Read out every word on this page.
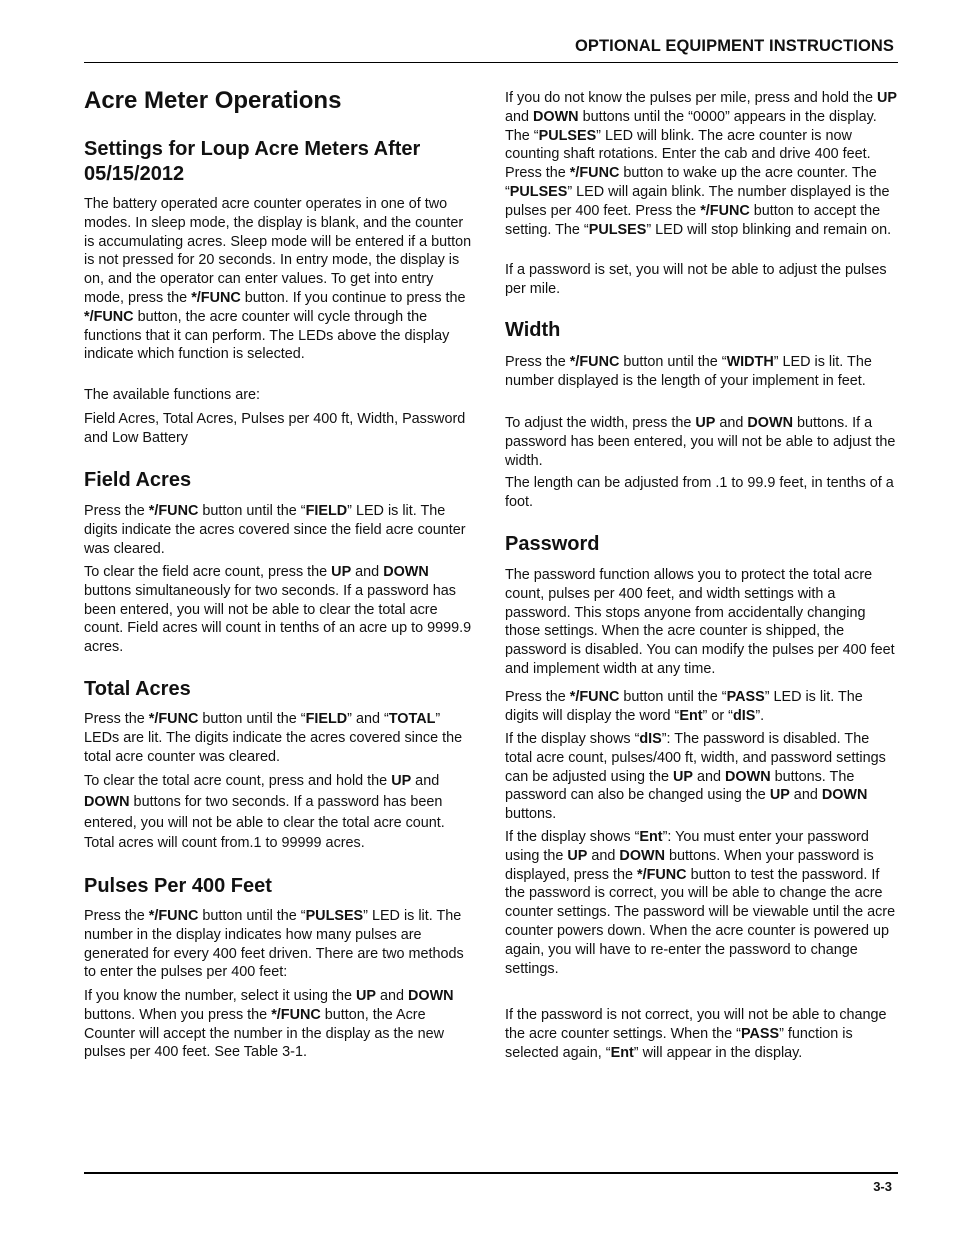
OPTIONAL EQUIPMENT INSTRUCTIONS
Acre Meter Operations
Settings for Loup Acre Meters After 05/15/2012

The battery operated acre counter operates in one of two modes. In sleep mode, the display is blank, and the counter is accumulating acres. Sleep mode will be entered if a button is not pressed for 20 seconds. In entry mode, the display is on, and the operator can enter values. To get into entry mode, press the */FUNC button. If you continue to press the */FUNC button, the acre counter will cycle through the functions that it can perform. The LEDs above the display indicate which function is selected.

The available functions are:

Field Acres, Total Acres, Pulses per 400 ft, Width, Password and Low Battery

Field Acres

Press the */FUNC button until the “FIELD” LED is lit. The digits indicate the acres covered since the field acre counter was cleared.

To clear the field acre count, press the UP and DOWN buttons simultaneously for two seconds. If a password has been entered, you will not be able to clear the total acre count. Field acres will count in tenths of an acre up to 9999.9 acres.

Total Acres

Press the */FUNC button until the “FIELD” and “TOTAL” LEDs are lit. The digits indicate the acres covered since the total acre counter was cleared.

To clear the total acre count, press and hold the UP and DOWN buttons for two seconds. If a password has been entered, you will not be able to clear the total acre count. Total acres will count from.1 to 99999 acres.

Pulses Per 400 Feet

Press the */FUNC button until the “PULSES” LED is lit. The number in the display indicates how many pulses are generated for every 400 feet driven. There are two methods to enter the pulses per 400 feet:

If you know the number, select it using the UP and DOWN buttons. When you press the */FUNC button, the Acre Counter will accept the number in the display as the new pulses per 400 feet. See Table 3-1.

If you do not know the pulses per mile, press and hold the UP and DOWN buttons until the “0000” appears in the display. The “PULSES” LED will blink. The acre counter is now counting shaft rotations. Enter the cab and drive 400 feet. Press the */FUNC button to wake up the acre counter. The “PULSES” LED will again blink. The number displayed is the pulses per 400 feet. Press the */FUNC button to accept the setting. The “PULSES” LED will stop blinking and remain on.

If a password is set, you will not be able to adjust the pulses per mile.

Width

Press the */FUNC button until the “WIDTH” LED is lit. The number displayed is the length of your implement in feet.

To adjust the width, press the UP and DOWN buttons. If a password has been entered, you will not be able to adjust the width.

The length can be adjusted from .1 to 99.9 feet, in tenths of a foot.

Password

The password function allows you to protect the total acre count, pulses per 400 feet, and width settings with a password. This stops anyone from accidentally changing those settings. When the acre counter is shipped, the password is disabled. You can modify the pulses per 400 feet and implement width at any time.

Press the */FUNC button until the “PASS” LED is lit. The digits will display the word “Ent” or “dIS”.

If the display shows “dIS”: The password is disabled. The total acre count, pulses/400 ft, width, and password settings can be adjusted using the UP and DOWN buttons. The password can also be changed using the UP and DOWN buttons.

If the display shows “Ent”: You must enter your password using the UP and DOWN buttons. When your password is displayed, press the */FUNC button to test the password. If the password is correct, you will be able to change the acre counter settings. The password will be viewable until the acre counter powers down. When the acre counter is powered up again, you will have to re-enter the password to change settings.

If the password is not correct, you will not be able to change the acre counter settings. When the “PASS” function is selected again, “Ent” will appear in the display.

3-3
